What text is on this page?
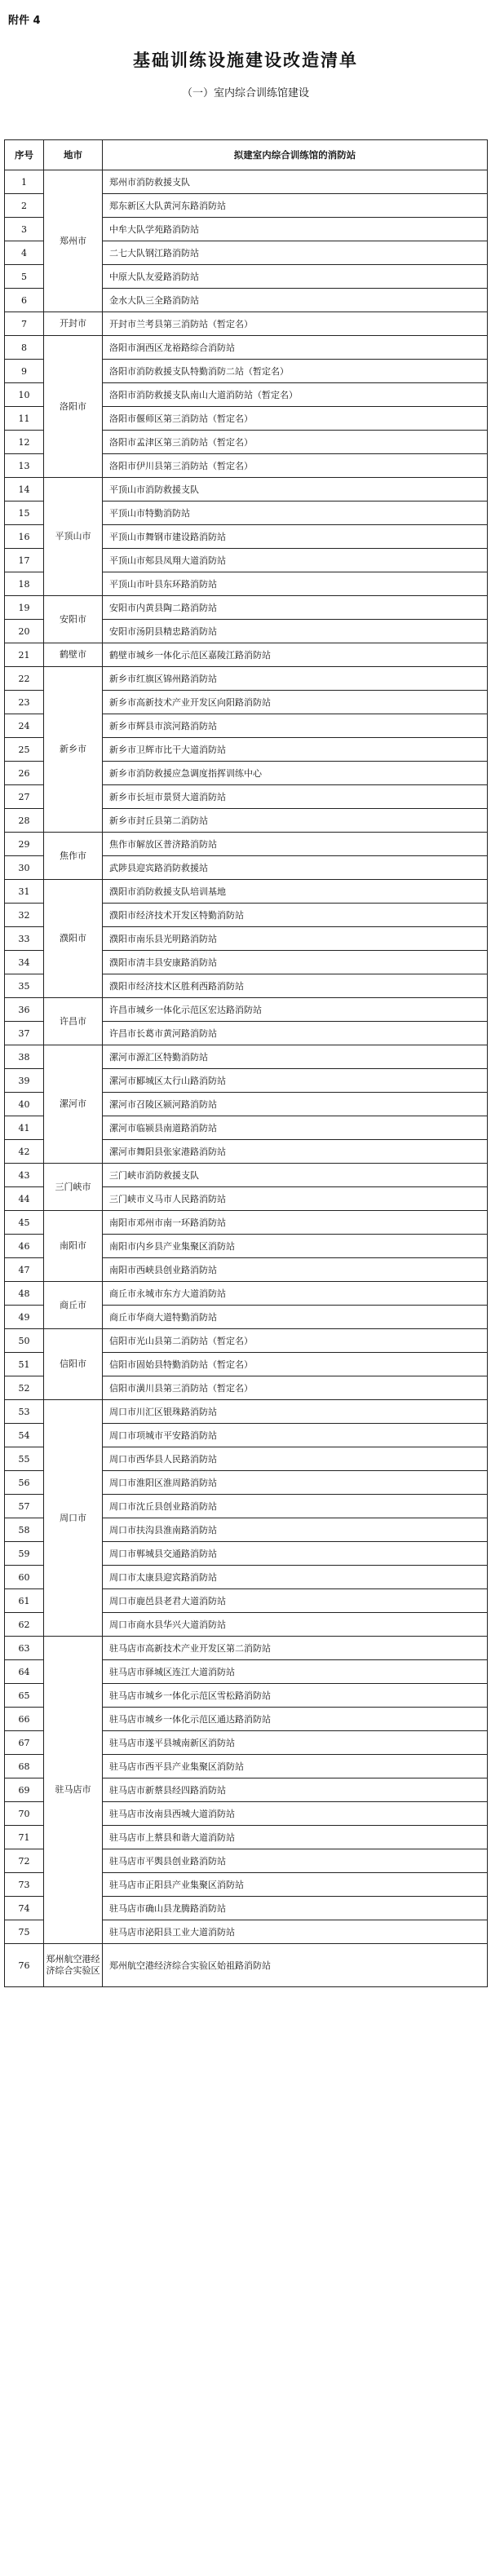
附件 4
基础训练设施建设改造清单
（一）室内综合训练馆建设
序号	地市	拟建室内综合训练馆的消防站
1	郑州市	郑州市消防救援支队
2		郑东新区大队黄河东路消防站
3		中牟大队学苑路消防站
4		二七大队钢江路消防站
5		中原大队友爱路消防站
6		金水大队三全路消防站
7	开封市	开封市兰考县第三消防站（暂定名）
8	洛阳市	洛阳市涧西区龙裕路综合消防站
9		洛阳市消防救援支队特勤消防二站（暂定名）
10		洛阳市消防救援支队南山大道消防站（暂定名）
11		洛阳市偃师区第三消防站（暂定名）
12		洛阳市孟津区第三消防站（暂定名）
13		洛阳市伊川县第三消防站（暂定名）
14	平顶山市	平顶山市消防救援支队
15		平顶山市特勤消防站
16		平顶山市舞钢市建设路消防站
17		平顶山市郏县凤翔大道消防站
18		平顶山市叶县东环路消防站
19	安阳市	安阳市内黄县陶二路消防站
20		安阳市汤阴县精忠路消防站
21	鹤壁市	鹤壁市城乡一体化示范区嘉陵江路消防站
22	新乡市	新乡市红旗区锦州路消防站
23		新乡市高新技术产业开发区向阳路消防站
24		新乡市辉县市滨河路消防站
25		新乡市卫辉市比干大道消防站
26		新乡市消防救援应急调度指挥训练中心
27		新乡市长垣市景贤大道消防站
28		新乡市封丘县第二消防站
29	焦作市	焦作市解放区普济路消防站
30		武陟县迎宾路消防救援站
31	濮阳市	濮阳市消防救援支队培训基地
32		濮阳市经济技术开发区特勤消防站
33		濮阳市南乐县光明路消防站
34		濮阳市清丰县安康路消防站
35		濮阳市经济技术区胜利西路消防站
36	许昌市	许昌市城乡一体化示范区宏达路消防站
37		许昌市长葛市黄河路消防站
38	漯河市	漯河市源汇区特勤消防站
39		漯河市郾城区太行山路消防站
40		漯河市召陵区颍河路消防站
41		漯河市临颍县南道路消防站
42		漯河市舞阳县张家港路消防站
43	三门峡市	三门峡市消防救援支队
44		三门峡市义马市人民路消防站
45	南阳市	南阳市邓州市南一环路消防站
46		南阳市内乡县产业集聚区消防站
47		南阳市西峡县创业路消防站
48	商丘市	商丘市永城市东方大道消防站
49		商丘市华商大道特勤消防站
50	信阳市	信阳市光山县第二消防站（暂定名）
51		信阳市固始县特勤消防站（暂定名）
52		信阳市潢川县第三消防站（暂定名）
53	周口市	周口市川汇区银珠路消防站
54		周口市项城市平安路消防站
55		周口市西华县人民路消防站
56		周口市淮阳区淮周路消防站
57		周口市沈丘县创业路消防站
58		周口市扶沟县淮南路消防站
59		周口市郸城县交通路消防站
60		周口市太康县迎宾路消防站
61		周口市鹿邑县老君大道消防站
62		周口市商水县华兴大道消防站
63	驻马店市	驻马店市高新技术产业开发区第二消防站
64		驻马店市驿城区连江大道消防站
65		驻马店市城乡一体化示范区雪松路消防站
66		驻马店市城乡一体化示范区通达路消防站
67		驻马店市遂平县城南新区消防站
68		驻马店市西平县产业集聚区消防站
69		驻马店市新蔡县经四路消防站
70		驻马店市汝南县西城大道消防站
71		驻马店市上蔡县和谐大道消防站
72		驻马店市平舆县创业路消防站
73		驻马店市正阳县产业集聚区消防站
74		驻马店市确山县龙腾路消防站
75		驻马店市泌阳县工业大道消防站
76	郑州航空港经济综合实验区	郑州航空港经济综合实验区始祖路消防站
